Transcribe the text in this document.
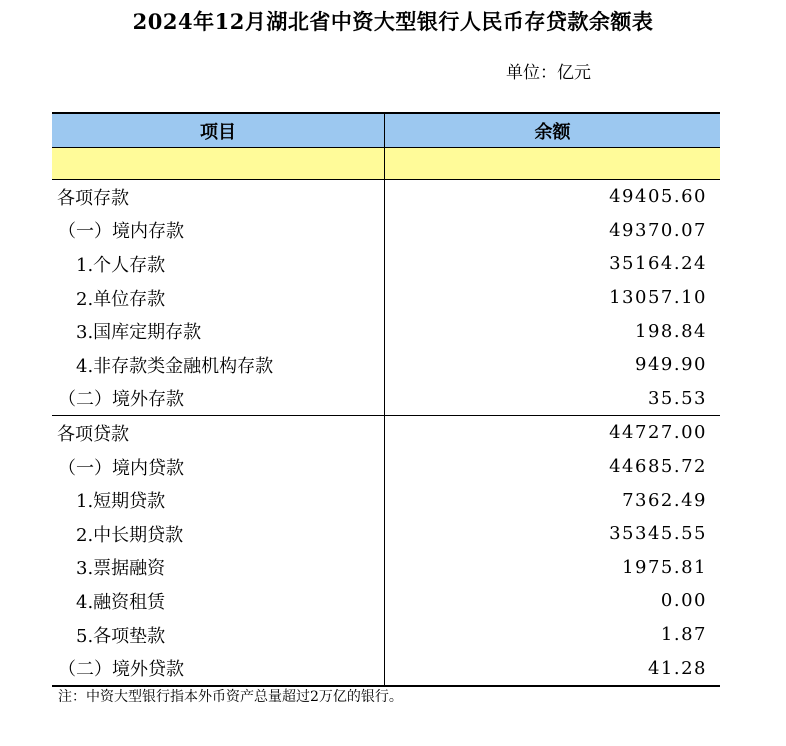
2024年12月湖北省中资大型银行人民币存贷款余额表
单位：亿元
项目	余额
各项存款	49405.60
（一）境内存款	49370.07
1.个人存款	35164.24
2.单位存款	13057.10
3.国库定期存款	198.84
4.非存款类金融机构存款	949.90
（二）境外存款	35.53
各项贷款	44727.00
（一）境内贷款	44685.72
1.短期贷款	7362.49
2.中长期贷款	35345.55
3.票据融资	1975.81
4.融资租赁	0.00
5.各项垫款	1.87
（二）境外贷款	41.28
注：中资大型银行指本外币资产总量超过2万亿的银行。
